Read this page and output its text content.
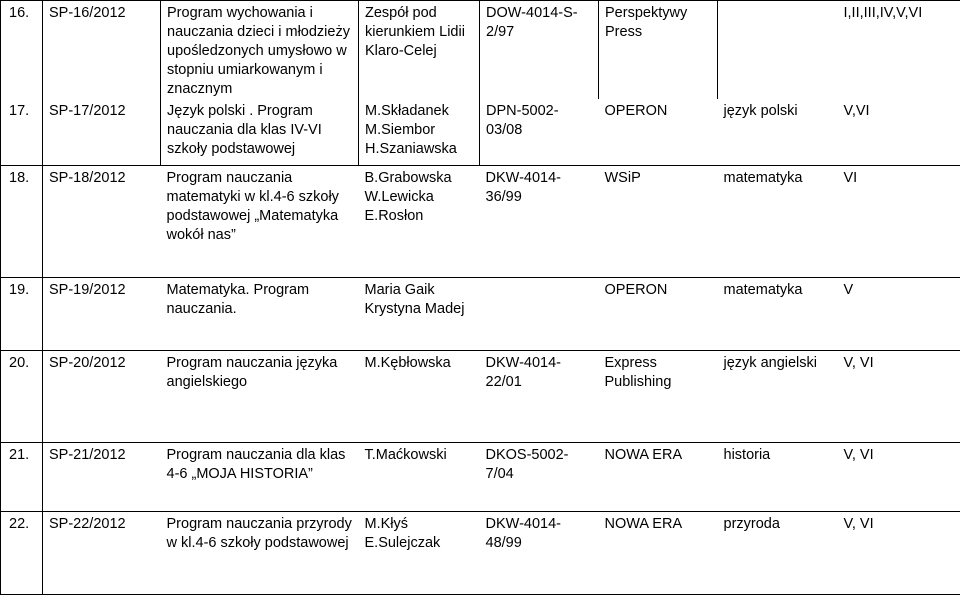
16.	SP-16/2012	Program wychowania i nauczania dzieci i młodzieży upośledzonych umysłowo w stopniu umiarkowanym i znacznym	Zespół pod kierunkiem Lidii Klaro-Celej	DOW-4014-S-2/97	Perspektywy Press		I,II,III,IV,V,VI
17.	SP-17/2012	Język polski . Program nauczania dla klas IV-VI szkoły podstawowej	M.Składanek M.Siembor H.Szaniawska	DPN-5002-03/08	OPERON	język polski	V,VI
18.	SP-18/2012	Program nauczania matematyki w kl.4-6 szkoły podstawowej „Matematyka wokół nas”	B.Grabowska W.Lewicka E.Rosłon	DKW-4014-36/99	WSiP	matematyka	VI
19.	SP-19/2012	Matematyka. Program nauczania.	Maria Gaik Krystyna Madej		OPERON	matematyka	V
20.	SP-20/2012	Program nauczania języka angielskiego	M.Kębłowska	DKW-4014-22/01	Express Publishing	język angielski	V, VI
21.	SP-21/2012	Program nauczania dla klas 4-6 „MOJA HISTORIA”	T.Maćkowski	DKOS-5002-7/04	NOWA ERA	historia	V, VI
22.	SP-22/2012	Program nauczania przyrody w kl.4-6 szkoły podstawowej	M.Kłyś E.Sulejczak	DKW-4014-48/99	NOWA ERA	przyroda	V, VI
